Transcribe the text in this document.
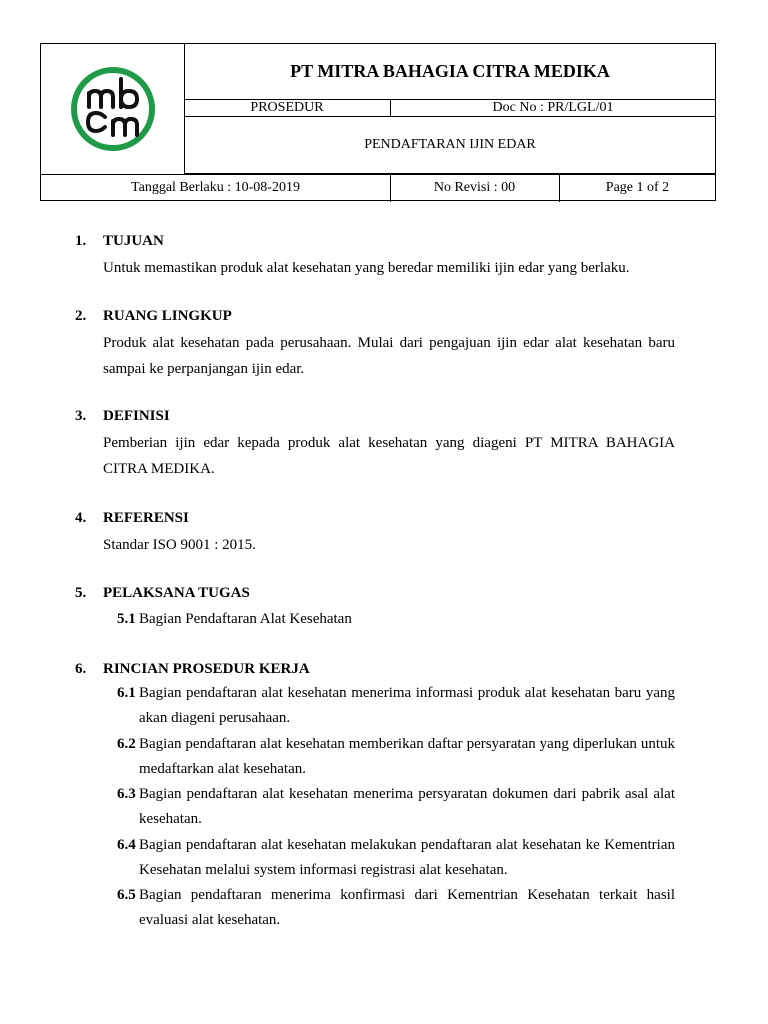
PT MITRA BAHAGIA CITRA MEDIKA
PROSEDUR	Doc No : PR/LGL/01
PENDAFTARAN IJIN EDAR
Tanggal Berlaku : 10-08-2019	No Revisi : 00	Page 1 of 2
1. TUJUAN
Untuk memastikan produk alat kesehatan yang beredar memiliki ijin edar yang berlaku.
2. RUANG LINGKUP
Produk alat kesehatan pada perusahaan. Mulai dari pengajuan ijin edar alat kesehatan baru sampai ke perpanjangan ijin edar.
3. DEFINISI
Pemberian ijin edar kepada produk alat kesehatan yang diageni PT MITRA BAHAGIA CITRA MEDIKA.
4. REFERENSI
Standar ISO 9001 : 2015.
5. PELAKSANA TUGAS
5.1 Bagian Pendaftaran Alat Kesehatan
6. RINCIAN PROSEDUR KERJA
6.1 Bagian pendaftaran alat kesehatan menerima informasi produk alat kesehatan baru yang akan diageni perusahaan.
6.2 Bagian pendaftaran alat kesehatan memberikan daftar persyaratan yang diperlukan untuk medaftarkan alat kesehatan.
6.3 Bagian pendaftaran alat kesehatan menerima persyaratan dokumen dari pabrik asal alat kesehatan.
6.4 Bagian pendaftaran alat kesehatan melakukan pendaftaran alat kesehatan ke Kementrian Kesehatan melalui system informasi registrasi alat kesehatan.
6.5 Bagian pendaftaran menerima konfirmasi dari Kementrian Kesehatan terkait hasil evaluasi alat kesehatan.
